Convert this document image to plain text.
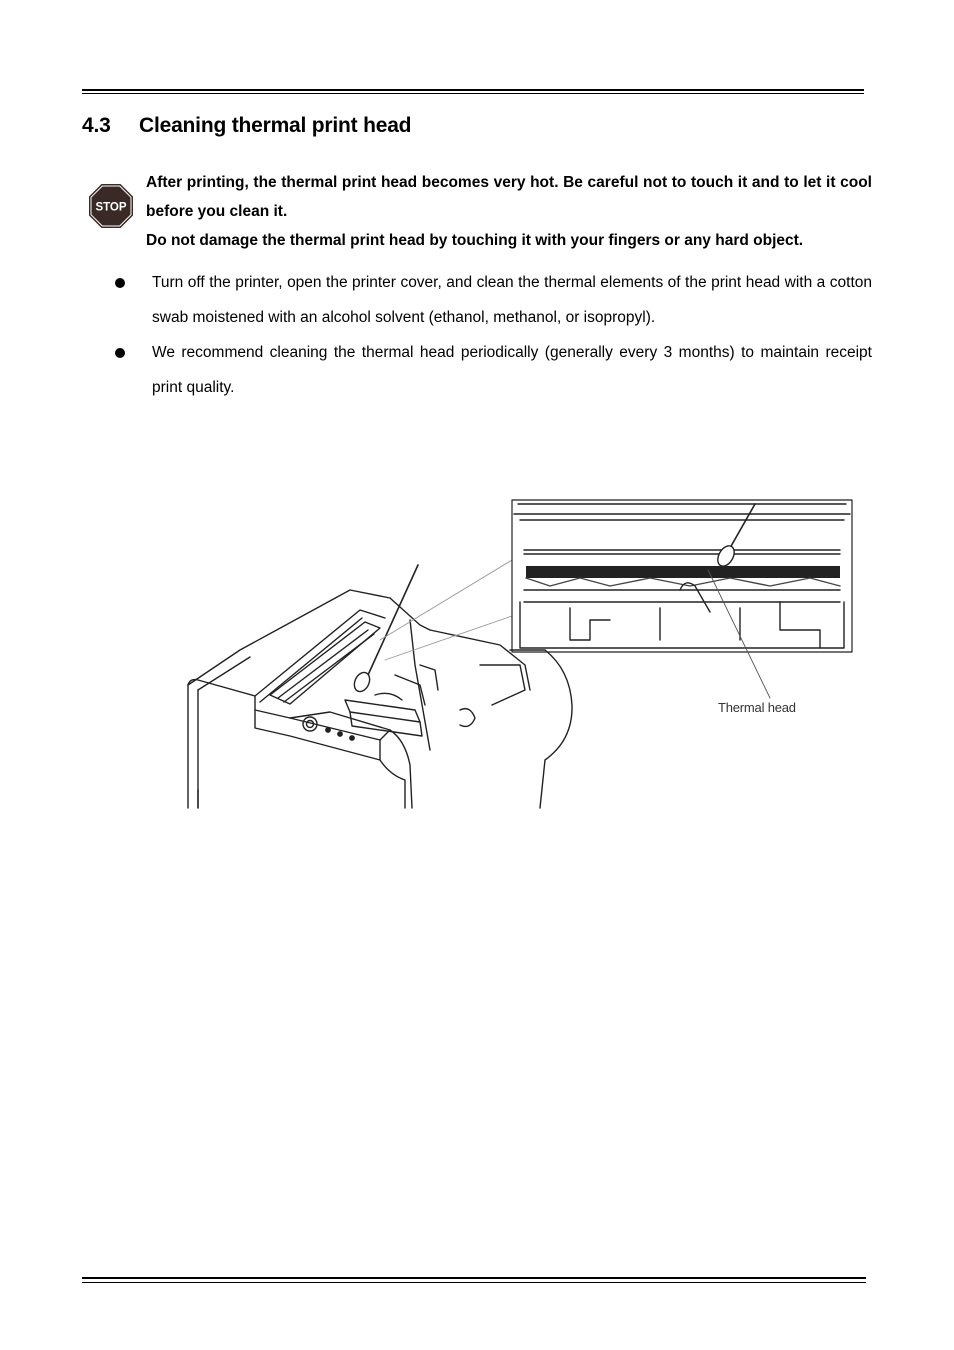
4.3 Cleaning thermal print head
STOP

After printing, the thermal print head becomes very hot. Be careful not to touch it and to let it cool before you clean it.

Do not damage the thermal print head by touching it with your fingers or any hard object.

Turn off the printer, open the printer cover, and clean the thermal elements of the print head with a cotton swab moistened with an alcohol solvent (ethanol, methanol, or isopropyl).
We recommend cleaning the thermal head periodically (generally every 3 months) to maintain receipt print quality.
Thermal head
